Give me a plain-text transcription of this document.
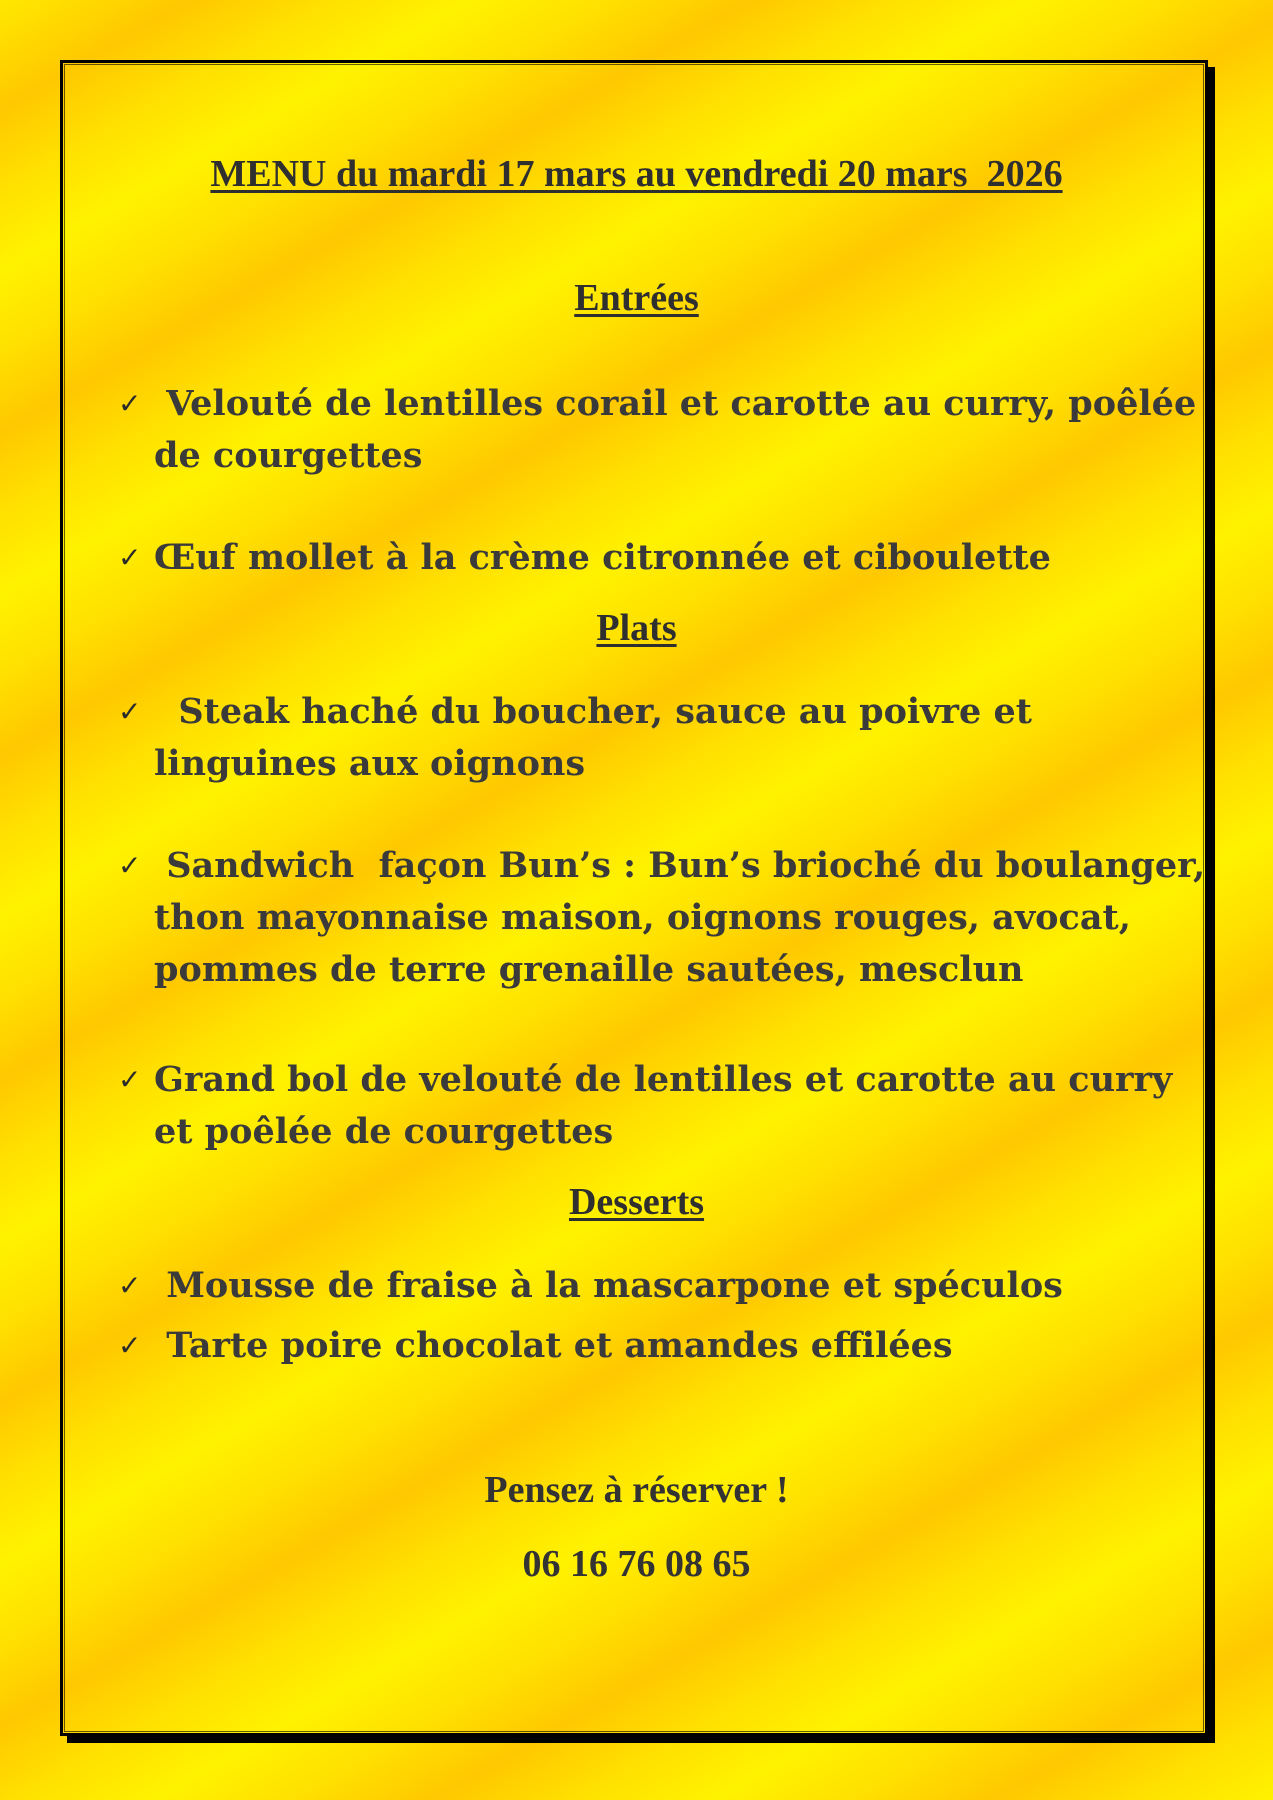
MENU du mardi 17 mars au vendredi 20 mars  2026
Entrées
✓ Velouté de lentilles corail et carotte au curry, poêlée
de courgettes
✓ Œuf mollet à la crème citronnée et ciboulette
Plats
✓	Steak haché du boucher, sauce au poivre et
linguines aux oignons
✓ Sandwich  façon Bun’s : Bun’s brioché du boulanger,
thon mayonnaise maison, oignons rouges, avocat,
pommes de terre grenaille sautées, mesclun
✓ Grand bol de velouté de lentilles et carotte au curry
et poêlée de courgettes
Desserts
✓ Mousse de fraise à la mascarpone et spéculos
✓ Tarte poire chocolat et amandes effilées
Pensez à réserver !
06 16 76 08 65
